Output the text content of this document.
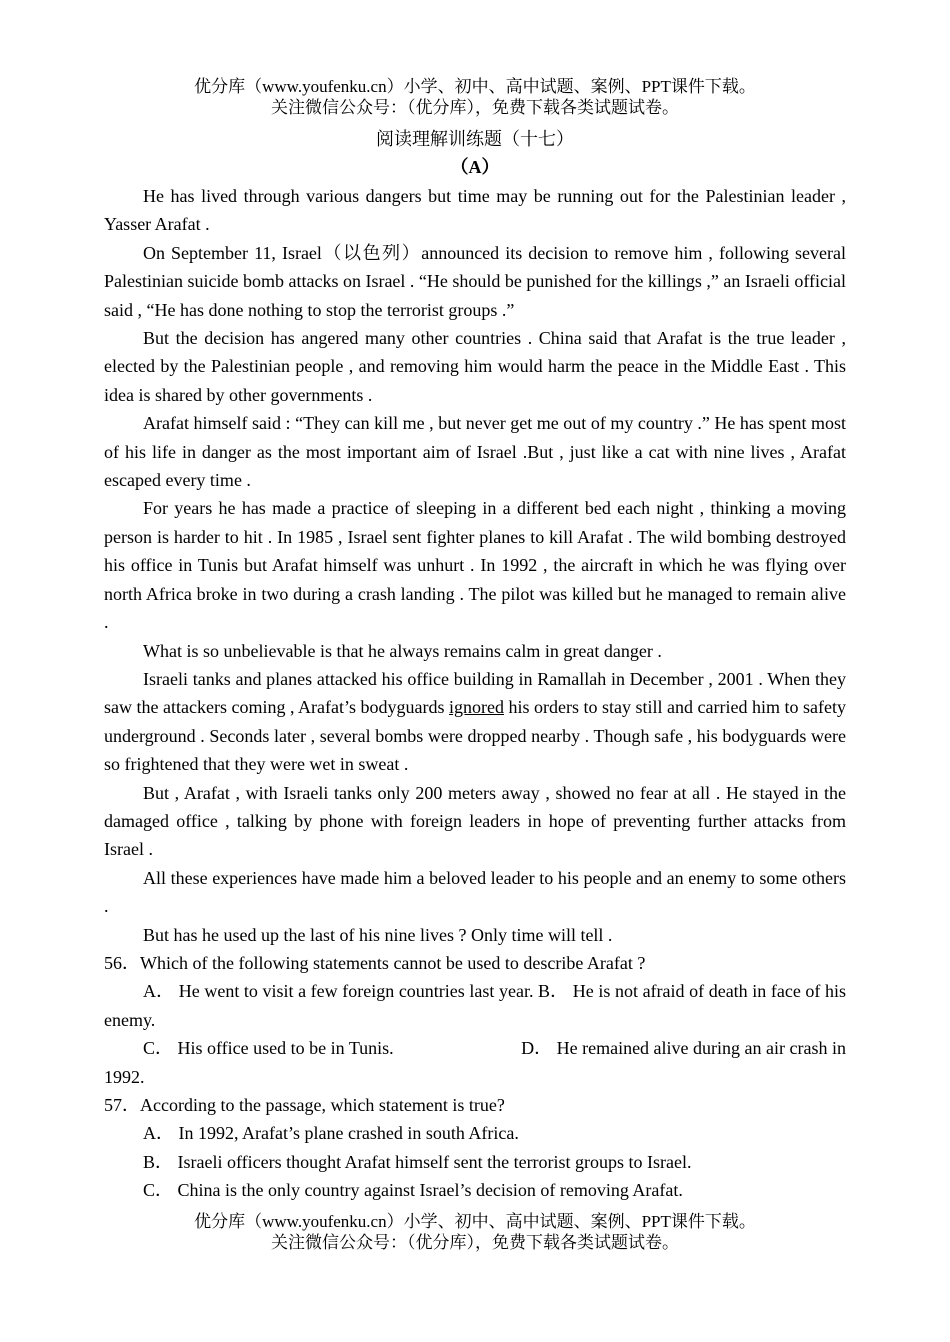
优分库（www.youfenku.cn）小学、初中、高中试题、案例、PPT课件下载。
关注微信公众号：（优分库），免费下载各类试题试卷。
阅读理解训练题（十七）
（A）

He has lived through various dangers but time may be running out for the Palestinian leader , Yasser Arafat .

On September 11, Israel（以色列）announced its decision to remove him , following several Palestinian suicide bomb attacks on Israel . “He should be punished for the killings ,” an Israeli official said , “He has done nothing to stop the terrorist groups .”

But the decision has angered many other countries . China said that Arafat is the true leader , elected by the Palestinian people , and removing him would harm the peace in the Middle East . This idea is shared by other governments .

Arafat himself said : “They can kill me , but never get me out of my country .” He has spent most of his life in danger as the most important aim of Israel .But , just like a cat with nine lives , Arafat escaped every time .

For years he has made a practice of sleeping in a different bed each night , thinking a moving person is harder to hit . In 1985 , Israel sent fighter planes to kill Arafat . The wild bombing destroyed his office in Tunis but Arafat himself was unhurt . In 1992 , the aircraft in which he was flying over north Africa broke in two during a crash landing . The pilot was killed but he managed to remain alive .

What is so unbelievable is that he always remains calm in great danger .

Israeli tanks and planes attacked his office building in Ramallah in December , 2001 . When they saw the attackers coming , Arafat’s bodyguards ignored his orders to stay still and carried him to safety underground . Seconds later , several bombs were dropped nearby . Though safe , his bodyguards were so frightened that they were wet in sweat .

But , Arafat , with Israeli tanks only 200 meters away , showed no fear at all . He stayed in the damaged office , talking by phone with foreign leaders in hope of preventing further attacks from Israel .

All these experiences have made him a beloved leader to his people and an enemy to some others .

But has he used up the last of his nine lives ? Only time will tell .

56．Which of the following statements cannot be used to describe Arafat ?

A． He went to visit a few foreign countries last year. B． He is not afraid of death in face of his enemy.

C． His office used to be in Tunis.	D． He remained alive during an air crash in

1992.

57．According to the passage, which statement is true?

A． In 1992, Arafat’s plane crashed in south Africa.

B． Israeli officers thought Arafat himself sent the terrorist groups to Israel.

C． China is the only country against Israel’s decision of removing Arafat.

优分库（www.youfenku.cn）小学、初中、高中试题、案例、PPT课件下载。
关注微信公众号：（优分库），免费下载各类试题试卷。
